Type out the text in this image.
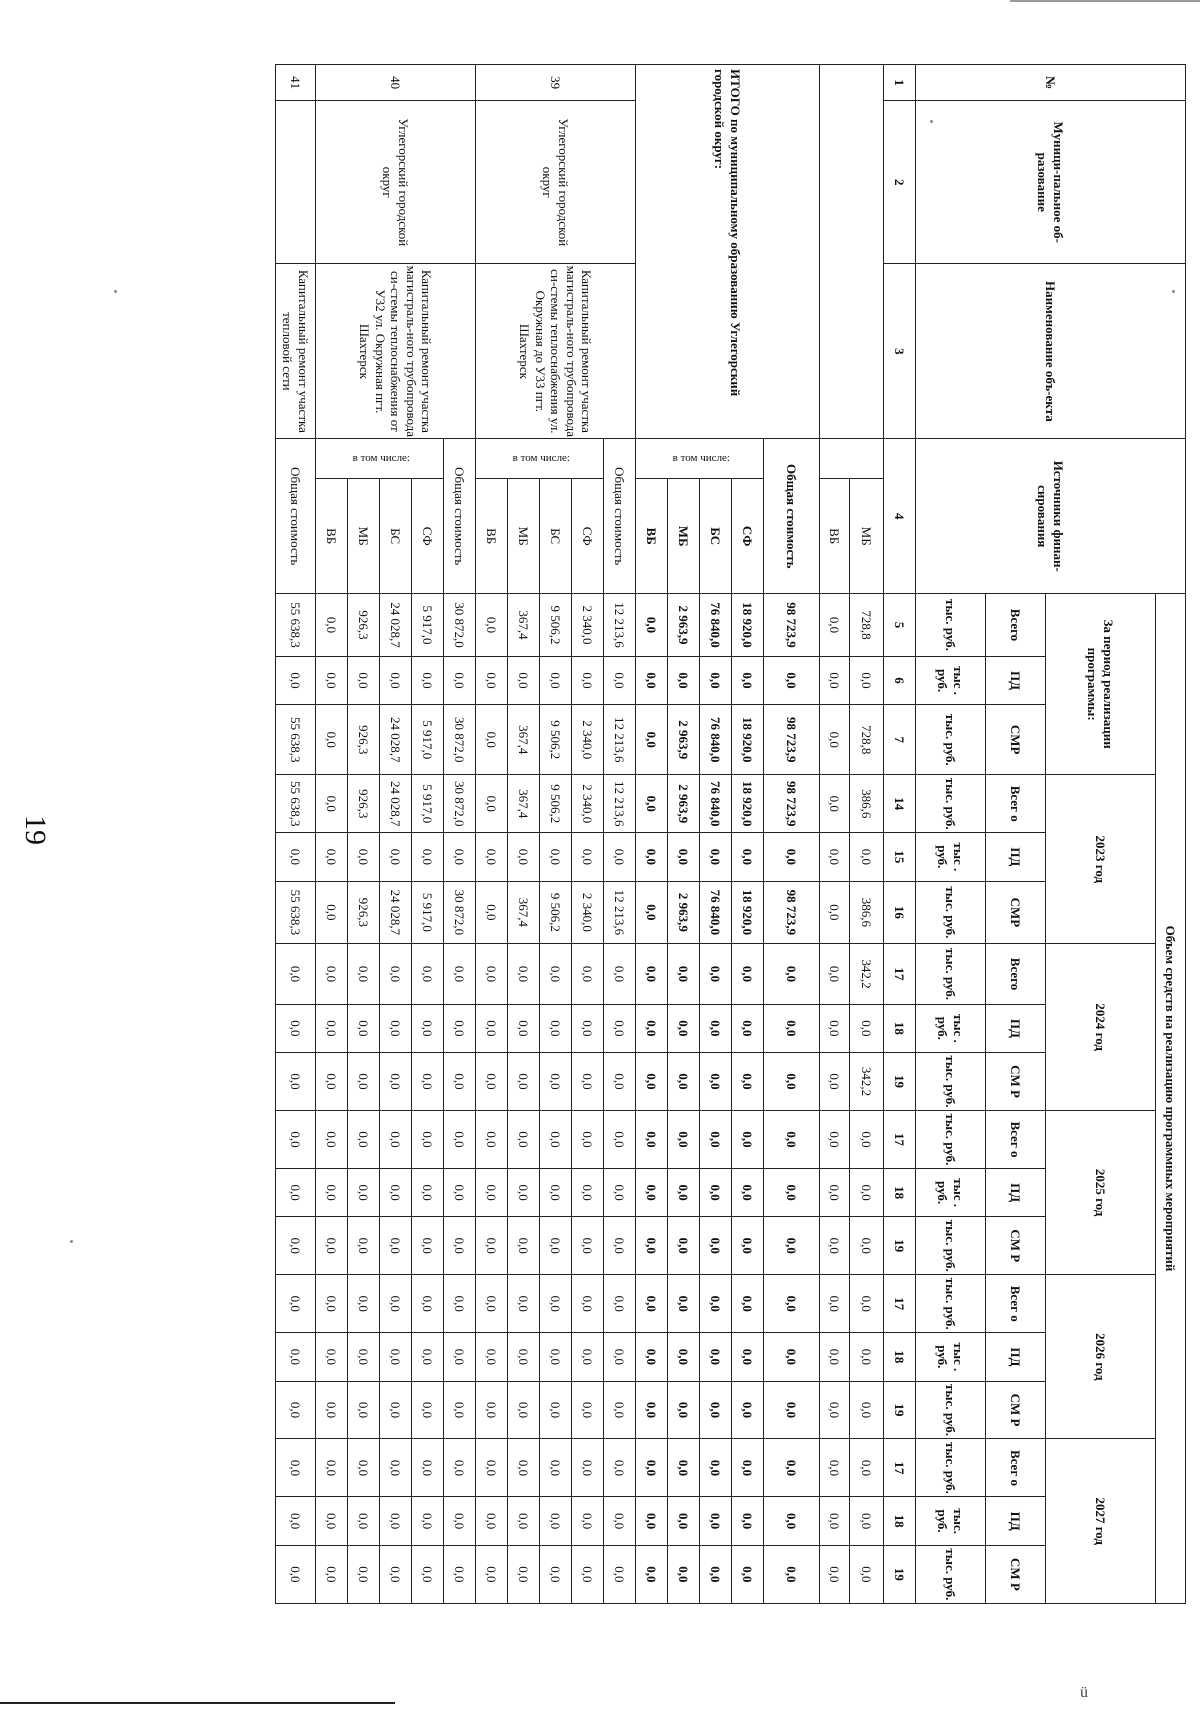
19
ü
№	Муници-пальное об-разование	Наименование объ-екта	Источники финан-сирования		Объем средств на реализацию программных мероприятий																	
					За период реализации программы:			2023 год			2024 год			2025 год			2026 год			2027 год		
					Всего	ПД	СМР	Всег о	ПД	СМР	Всего	ПД	СМ Р	Всег о	ПД	СМ Р	Всег о	ПД	СМ Р	Всег о	ПД	СМ Р
					тыс. руб.	тыс . руб.	тыс. руб.	тыс. руб.	тыс . руб.	тыс. руб.	тыс. руб.	тыс . руб.	тыс. руб.	тыс. руб.	тыс . руб.	тыс. руб.	тыс. руб.	тыс . руб.	тыс. руб.	тыс. руб.	тыс. руб.	тыс. руб.
1	2	3	4		5	6	7	14	15	16	17	18	19	17	18	19	17	18	19	17	18	19
				МБ	728,8	0,0	728,8	386,6	0,0	386,6	342,2	0,0	342,2	0,0	0,0	0,0	0,0	0,0	0,0	0,0	0,0	0,0
				ВБ	0,0	0,0	0,0	0,0	0,0	0,0	0,0	0,0	0,0	0,0	0,0	0,0	0,0	0,0	0,0	0,0	0,0	0,0
ИТОГО по муниципальному образованию Углегорский городской округ:			Общая стоимость		98 723,9	0,0	98 723,9	98 723,9	0,0	98 723,9	0,0	0,0	0,0	0,0	0,0	0,0	0,0	0,0	0,0	0,0	0,0	0,0
			в том числе:	СФ	18 920,0	0,0	18 920,0	18 920,0	0,0	18 920,0	0,0	0,0	0,0	0,0	0,0	0,0	0,0	0,0	0,0	0,0	0,0	0,0
				БС	76 840,0	0,0	76 840,0	76 840,0	0,0	76 840,0	0,0	0,0	0,0	0,0	0,0	0,0	0,0	0,0	0,0	0,0	0,0	0,0
				МБ	2 963,9	0,0	2 963,9	2 963,9	0,0	2 963,9	0,0	0,0	0,0	0,0	0,0	0,0	0,0	0,0	0,0	0,0	0,0	0,0
				ВБ	0,0	0,0	0,0	0,0	0,0	0,0	0,0	0,0	0,0	0,0	0,0	0,0	0,0	0,0	0,0	0,0	0,0	0,0
39	Углегорский городской округ	Капитальный ремонт участка магистраль-ного трубопровода си-стемы теплоснабжения ул. Окружная до У33 пгт. Шахтерск	Общая стоимость		12 213,6	0,0	12 213,6	12 213,6	0,0	12 213,6	0,0	0,0	0,0	0,0	0,0	0,0	0,0	0,0	0,0	0,0	0,0	0,0
			в том числе:	СФ	2 340,0	0,0	2 340,0	2 340,0	0,0	2 340,0	0,0	0,0	0,0	0,0	0,0	0,0	0,0	0,0	0,0	0,0	0,0	0,0
				БС	9 506,2	0,0	9 506,2	9 506,2	0,0	9 506,2	0,0	0,0	0,0	0,0	0,0	0,0	0,0	0,0	0,0	0,0	0,0	0,0
				МБ	367,4	0,0	367,4	367,4	0,0	367,4	0,0	0,0	0,0	0,0	0,0	0,0	0,0	0,0	0,0	0,0	0,0	0,0
				ВБ	0,0	0,0	0,0	0,0	0,0	0,0	0,0	0,0	0,0	0,0	0,0	0,0	0,0	0,0	0,0	0,0	0,0	0,0
40	Углегорский городской округ	Капитальный ремонт участка магистраль-ного трубопровода си-стемы теплоснабжения от У32 ул. Окружная пгт. Шахтерск	Общая стоимость		30 872,0	0,0	30 872,0	30 872,0	0,0	30 872,0	0,0	0,0	0,0	0,0	0,0	0,0	0,0	0,0	0,0	0,0	0,0	0,0
			в том числе:	СФ	5 917,0	0,0	5 917,0	5 917,0	0,0	5 917,0	0,0	0,0	0,0	0,0	0,0	0,0	0,0	0,0	0,0	0,0	0,0	0,0
				БС	24 028,7	0,0	24 028,7	24 028,7	0,0	24 028,7	0,0	0,0	0,0	0,0	0,0	0,0	0,0	0,0	0,0	0,0	0,0	0,0
				МБ	926,3	0,0	926,3	926,3	0,0	926,3	0,0	0,0	0,0	0,0	0,0	0,0	0,0	0,0	0,0	0,0	0,0	0,0
				ВБ	0,0	0,0	0,0	0,0	0,0	0,0	0,0	0,0	0,0	0,0	0,0	0,0	0,0	0,0	0,0	0,0	0,0	0,0
41		Капитальный ремонт участка тепловой сети	Общая стоимость		55 638,3	0,0	55 638,3	55 638,3	0,0	55 638,3	0,0	0,0	0,0	0,0	0,0	0,0	0,0	0,0	0,0	0,0	0,0	0,0
